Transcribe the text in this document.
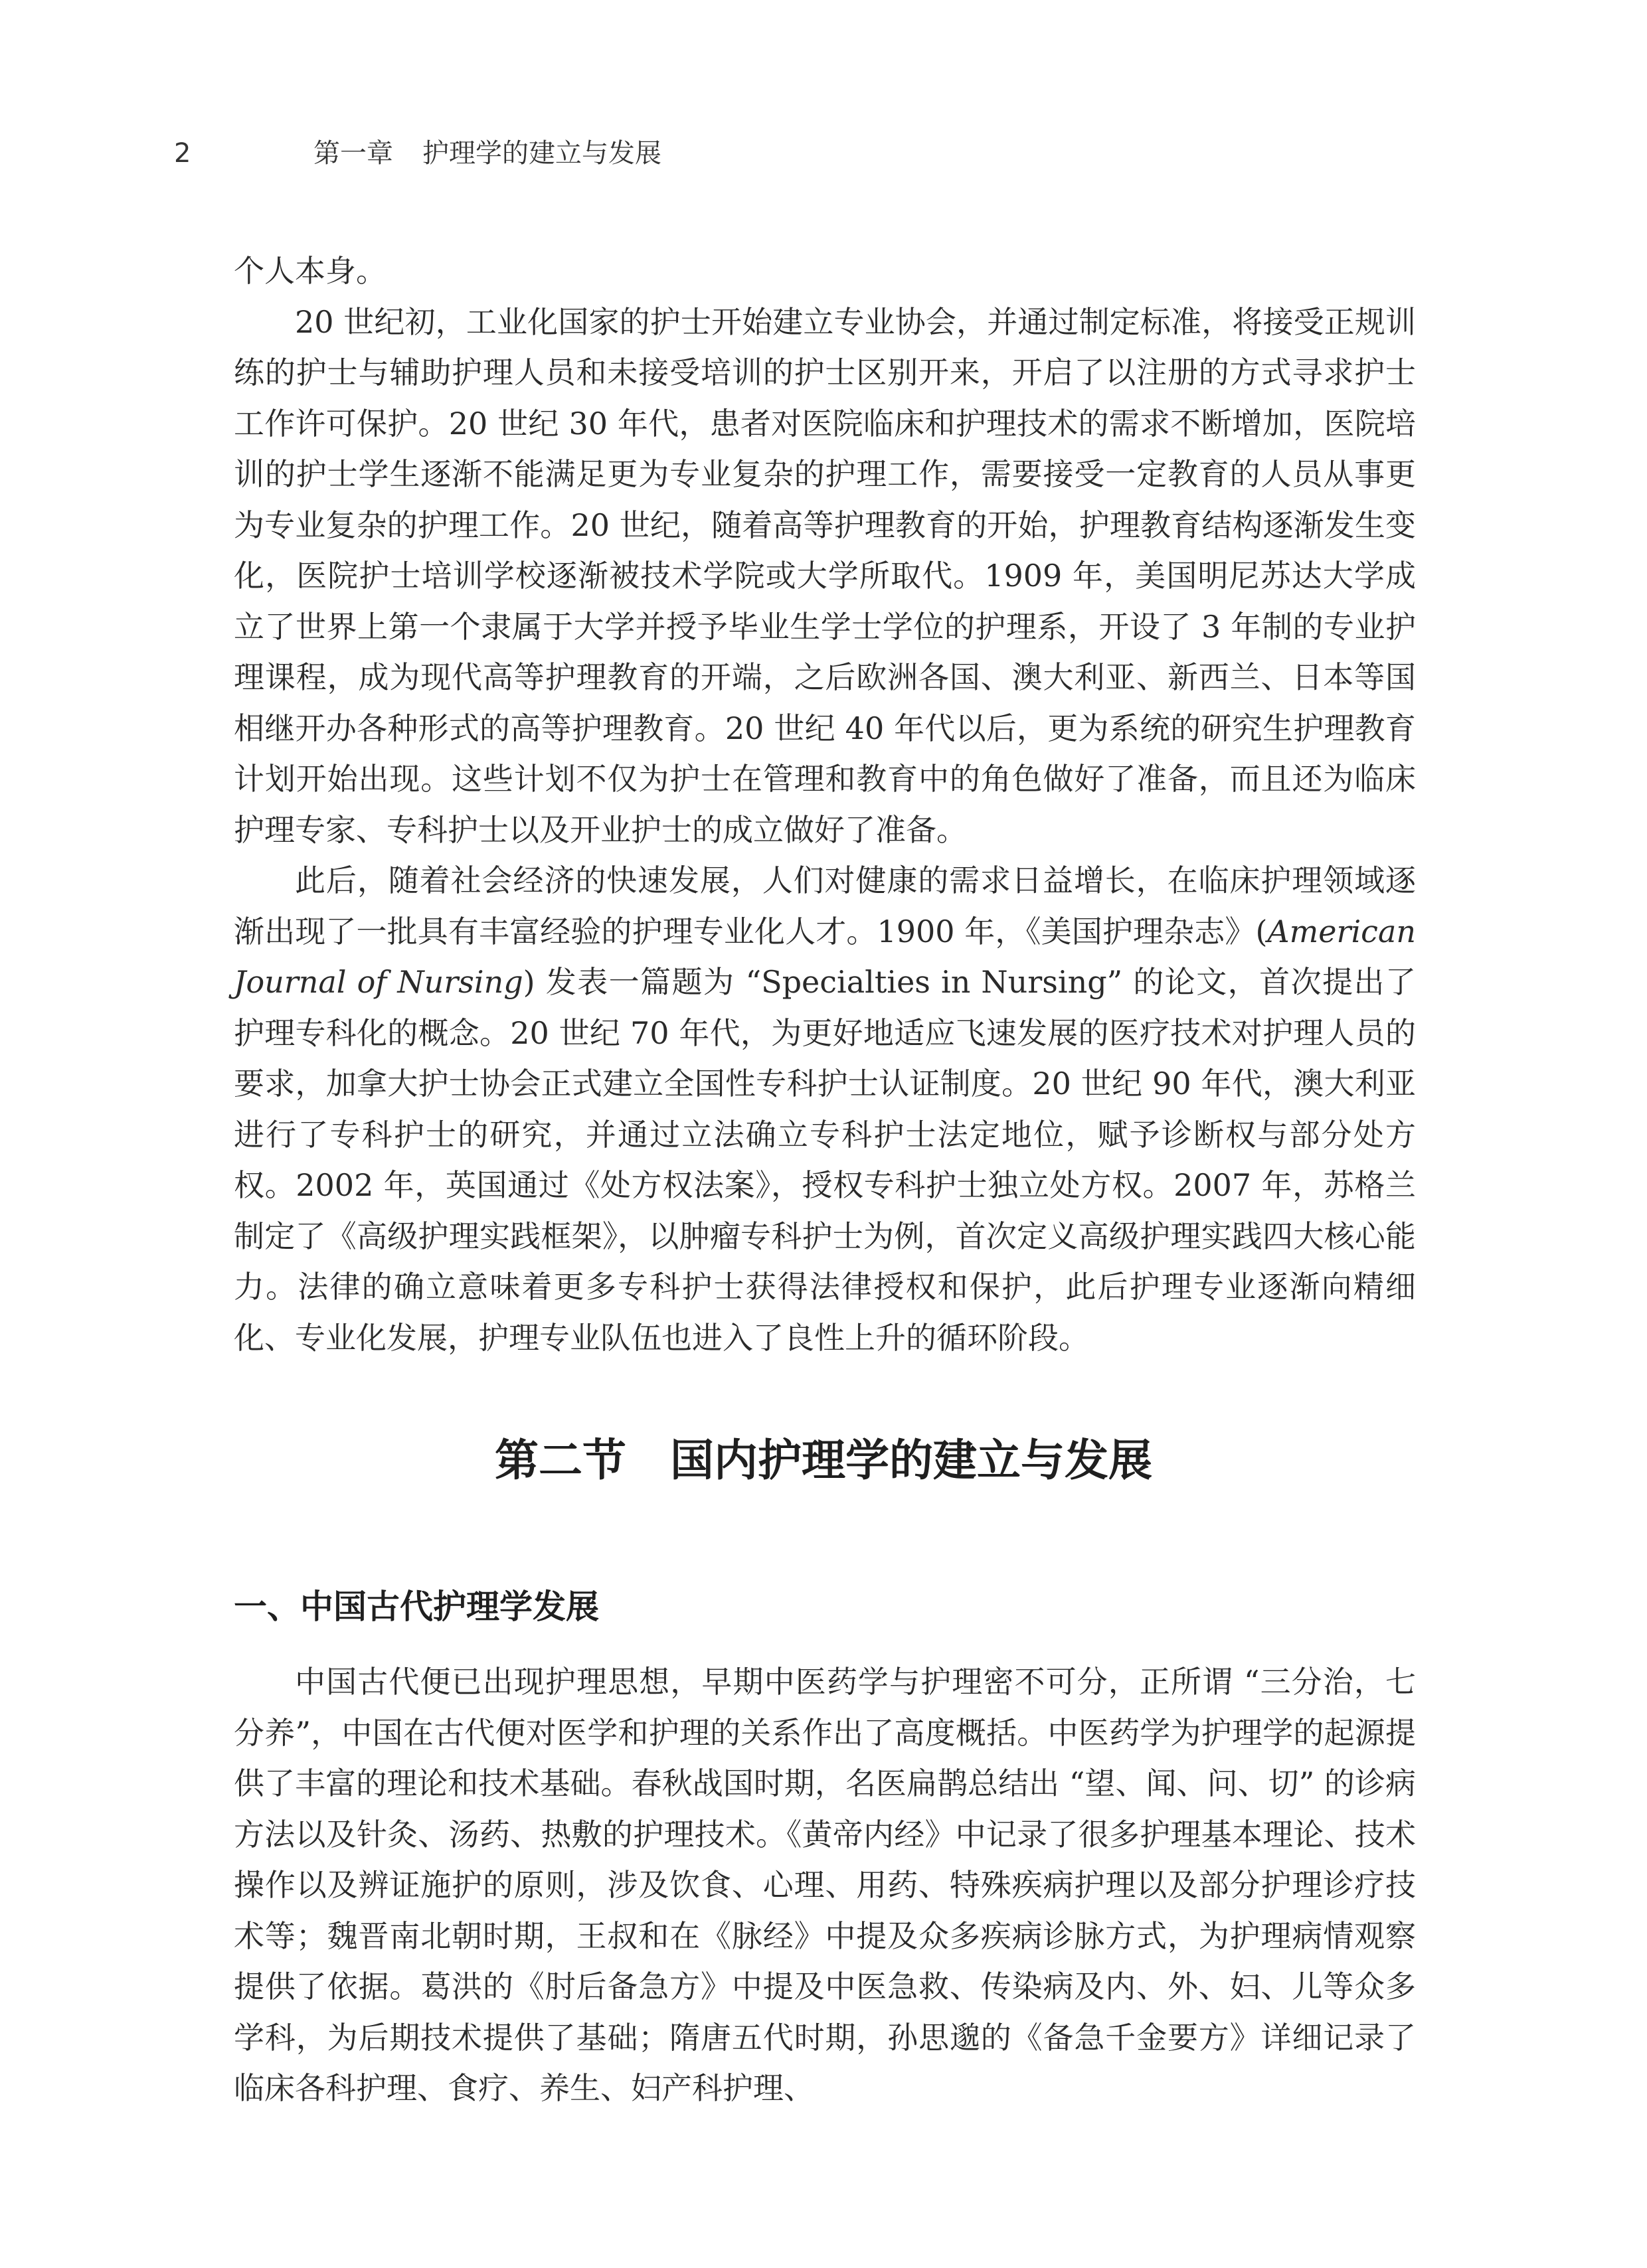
2	第一章 护理学的建立与发展

个人本身。

20 世纪初，工业化国家的护士开始建立专业协会，并通过制定标准，将接受正规训练的护士与辅助护理人员和未接受培训的护士区别开来，开启了以注册的方式寻求护士工作许可保护。20 世纪 30 年代，患者对医院临床和护理技术的需求不断增加，医院培训的护士学生逐渐不能满足更为专业复杂的护理工作，需要接受一定教育的人员从事更为专业复杂的护理工作。20 世纪，随着高等护理教育的开始，护理教育结构逐渐发生变化，医院护士培训学校逐渐被技术学院或大学所取代。1909 年，美国明尼苏达大学成立了世界上第一个隶属于大学并授予毕业生学士学位的护理系，开设了 3 年制的专业护理课程，成为现代高等护理教育的开端，之后欧洲各国、澳大利亚、新西兰、日本等国相继开办各种形式的高等护理教育。20 世纪 40 年代以后，更为系统的研究生护理教育计划开始出现。这些计划不仅为护士在管理和教育中的角色做好了准备，而且还为临床护理专家、专科护士以及开业护士的成立做好了准备。

此后，随着社会经济的快速发展，人们对健康的需求日益增长，在临床护理领域逐渐出现了一批具有丰富经验的护理专业化人才。1900 年，《美国护理杂志》(American Journal of Nursing) 发表一篇题为 “Specialties in Nursing” 的论文，首次提出了护理专科化的概念。20 世纪 70 年代，为更好地适应飞速发展的医疗技术对护理人员的要求，加拿大护士协会正式建立全国性专科护士认证制度。20 世纪 90 年代，澳大利亚进行了专科护士的研究，并通过立法确立专科护士法定地位，赋予诊断权与部分处方权。2002 年，英国通过《处方权法案》，授权专科护士独立处方权。2007 年，苏格兰制定了《高级护理实践框架》，以肿瘤专科护士为例，首次定义高级护理实践四大核心能力。法律的确立意味着更多专科护士获得法律授权和保护，此后护理专业逐渐向精细化、专业化发展，护理专业队伍也进入了良性上升的循环阶段。

第二节 国内护理学的建立与发展
一、中国古代护理学发展

中国古代便已出现护理思想，早期中医药学与护理密不可分，正所谓 “三分治，七分养”，中国在古代便对医学和护理的关系作出了高度概括。中医药学为护理学的起源提供了丰富的理论和技术基础。春秋战国时期，名医扁鹊总结出 “望、闻、问、切” 的诊病方法以及针灸、汤药、热敷的护理技术。《黄帝内经》中记录了很多护理基本理论、技术操作以及辨证施护的原则，涉及饮食、心理、用药、特殊疾病护理以及部分护理诊疗技术等；魏晋南北朝时期，王叔和在《脉经》中提及众多疾病诊脉方式，为护理病情观察提供了依据。葛洪的《肘后备急方》中提及中医急救、传染病及内、外、妇、儿等众多学科，为后期技术提供了基础；隋唐五代时期，孙思邈的《备急千金要方》详细记录了临床各科护理、食疗、养生、妇产科护理、
